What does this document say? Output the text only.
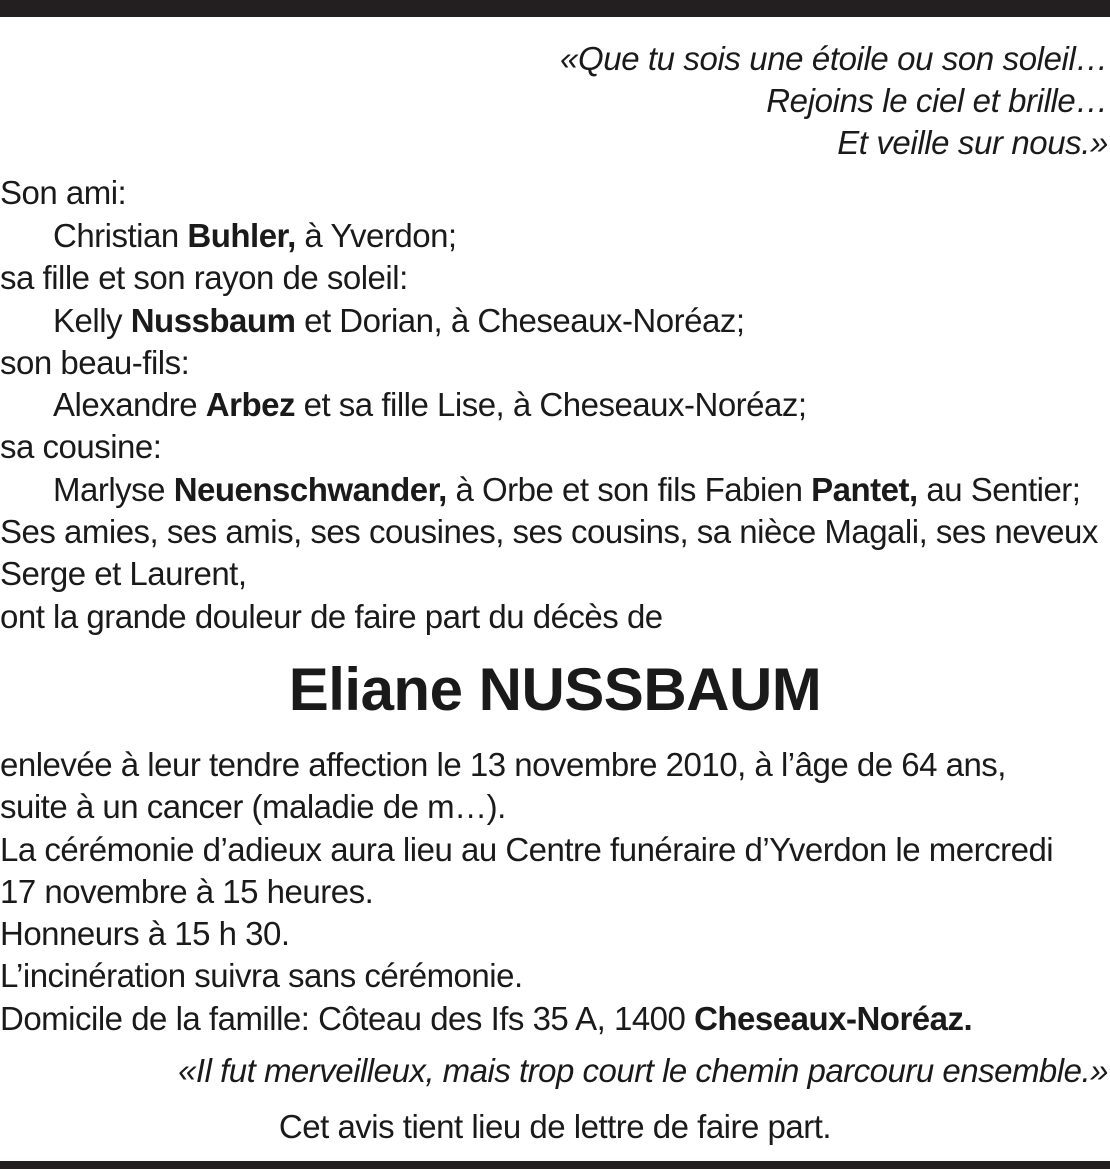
«Que tu sois une étoile ou son soleil…
Rejoins le ciel et brille…
Et veille sur nous.»
Son ami:
Christian Buhler, à Yverdon;
sa fille et son rayon de soleil:
Kelly Nussbaum et Dorian, à Cheseaux-Noréaz;
son beau-fils:
Alexandre Arbez et sa fille Lise, à Cheseaux-Noréaz;
sa cousine:
Marlyse Neuenschwander, à Orbe et son fils Fabien Pantet, au Sentier;
Ses amies, ses amis, ses cousines, ses cousins, sa nièce Magali, ses neveux
Serge et Laurent,
ont la grande douleur de faire part du décès de
Eliane NUSSBAUM
enlevée à leur tendre affection le 13 novembre 2010, à l’âge de 64 ans,
suite à un cancer (maladie de m…).
La cérémonie d’adieux aura lieu au Centre funéraire d’Yverdon le mercredi
17 novembre à 15 heures.
Honneurs à 15 h 30.
L’incinération suivra sans cérémonie.
Domicile de la famille: Côteau des Ifs 35 A, 1400 Cheseaux-Noréaz.
«Il fut merveilleux, mais trop court le chemin parcouru ensemble.»
Cet avis tient lieu de lettre de faire part.
